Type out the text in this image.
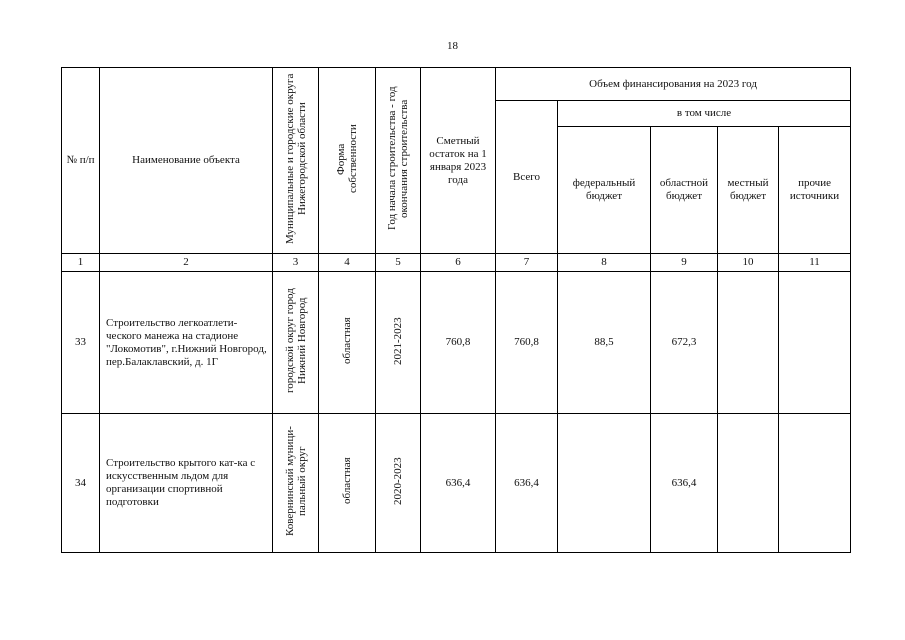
18
№ п/п	Наименование объекта	Муниципальные и городские округа Нижегородской области	Форма собственности	Год начала строительства - год окончания строительства	Сметный остаток на 1 января 2023 года	Объем финансирования на 2023 год				
						Всего	в том числе			
							федеральный бюджет	областной бюджет	местный бюджет	прочие источники
1	2	3	4	5	6	7	8	9	10	11
33	Строительство легкоатлети-ческого манежа на стадионе "Локомотив", г.Нижний Новгород, пер.Балаклавский, д. 1Г	городской округ город Нижний Новгород	областная	2021-2023	760,8	760,8	88,5	672,3		
34	Строительство крытого кат-ка с искусственным льдом для организации спортивной подготовки	Ковернинский муници-пальный округ	областная	2020-2023	636,4	636,4		636,4		
